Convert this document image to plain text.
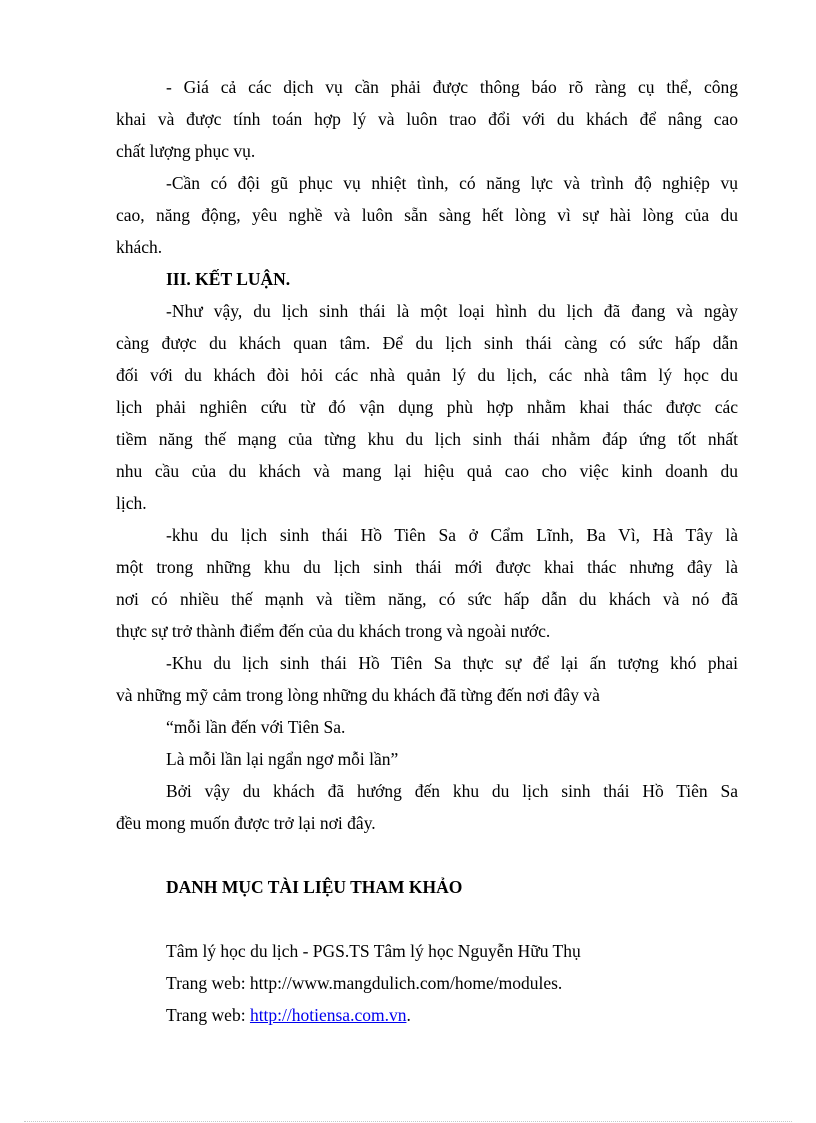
- Giá cả các dịch vụ cần phải được thông báo rõ ràng cụ thể, công
khai và được tính toán hợp lý và luôn trao đổi với du khách để nâng cao
chất lượng phục vụ.
-Cần có đội gũ phục vụ nhiệt tình, có năng lực và trình độ nghiệp vụ
cao, năng động, yêu nghề và luôn sẵn sàng hết lòng vì sự hài lòng của du
khách.
III. KẾT LUẬN.
-Như vậy, du lịch sinh thái là một loại hình du lịch đã đang và ngày
càng được du khách quan tâm. Để du lịch sinh thái càng có sức hấp dẫn
đối với du khách đòi hỏi các nhà quản lý du lịch, các nhà tâm lý học du
lịch phải nghiên cứu từ đó vận dụng phù hợp nhằm khai thác được các
tiềm năng thế mạng của từng khu du lịch sinh thái nhằm đáp ứng tốt nhất
nhu cầu của du khách và mang lại hiệu quả cao cho việc kinh doanh du
lịch.
-khu du lịch sinh thái Hồ Tiên Sa ở Cẩm Lĩnh, Ba Vì, Hà Tây là
một trong những khu du lịch sinh thái mới được khai thác nhưng đây là
nơi có nhiều thế mạnh và tiềm năng, có sức hấp dẫn du khách và nó đã
thực sự trở thành điểm đến của du khách trong và ngoài nước.
-Khu du lịch sinh thái Hồ Tiên Sa thực sự để lại ấn tượng khó phai
và những mỹ cảm trong lòng những du khách đã từng đến nơi đây và
“mỗi lần đến với Tiên Sa.
Là mỗi lần lại ngẩn ngơ mỗi lần”
Bởi vậy du khách đã hướng đến khu du lịch sinh thái Hồ Tiên Sa
đều mong muốn được trở lại nơi đây.
DANH MỤC TÀI LIỆU THAM KHẢO
Tâm lý học du lịch - PGS.TS Tâm lý học Nguyễn Hữu Thụ
Trang web: http://www.mangdulich.com/home/modules.
Trang web: http://hotiensa.com.vn.
